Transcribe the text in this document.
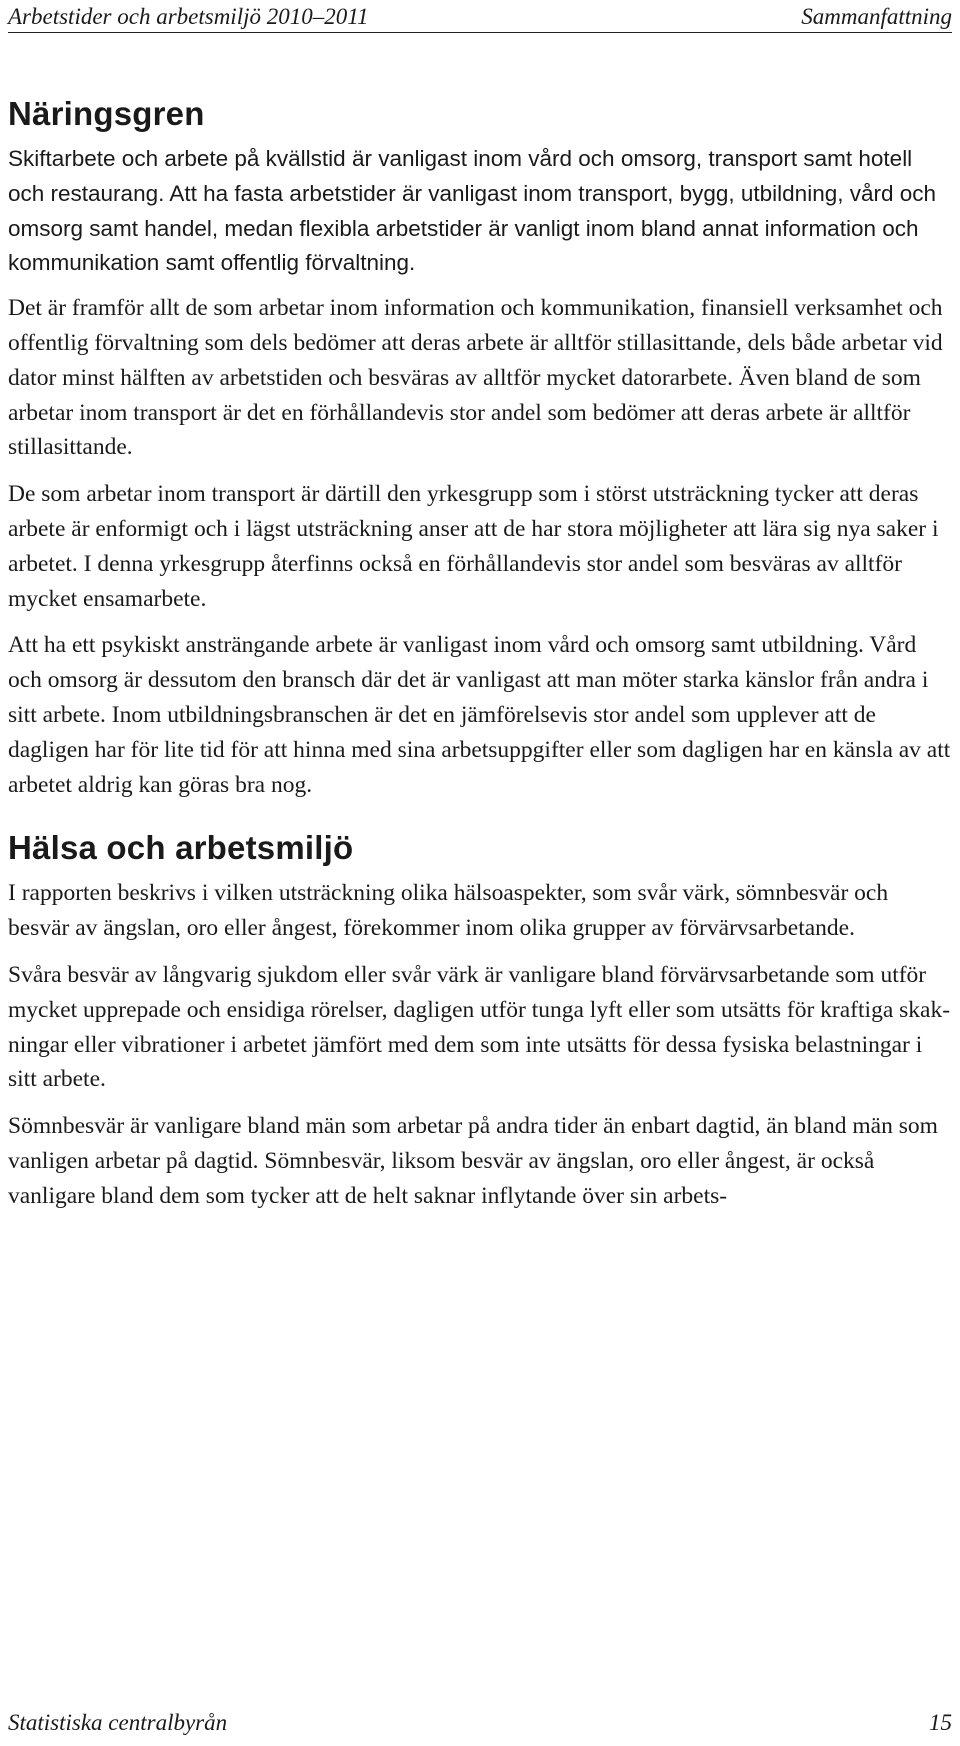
Arbetstider och arbetsmiljö 2010–2011	Sammanfattning
Näringsgren

Skiftarbete och arbete på kvällstid är vanligast inom vård och omsorg, transport samt hotell och restaurang. Att ha fasta arbetstider är vanligast inom transport, bygg, utbildning, vård och omsorg samt handel, medan flexibla arbetstider är vanligt inom bland annat information och kommunikation samt offentlig förvaltning.

Det är framför allt de som arbetar inom information och kommunikation, finansiell verksamhet och offentlig förvaltning som dels bedömer att deras arbete är alltför stillasittande, dels både arbetar vid dator minst hälften av arbetstiden och besväras av alltför mycket datorarbete. Även bland de som arbetar inom transport är det en förhållandevis stor andel som bedömer att deras arbete är alltför stillasittande.

De som arbetar inom transport är därtill den yrkesgrupp som i störst utsträckning tycker att deras arbete är enformigt och i lägst utsträckning anser att de har stora möjligheter att lära sig nya saker i arbetet. I denna yrkesgrupp återfinns också en förhållandevis stor andel som besväras av alltför mycket ensamarbete.

Att ha ett psykiskt ansträngande arbete är vanligast inom vård och omsorg samt utbildning. Vård och omsorg är dessutom den bransch där det är vanligast att man möter starka känslor från andra i sitt arbete. Inom utbildningsbranschen är det en jämförelsevis stor andel som upplever att de dagligen har för lite tid för att hinna med sina arbetsuppgifter eller som dagligen har en känsla av att arbetet aldrig kan göras bra nog.

Hälsa och arbetsmiljö

I rapporten beskrivs i vilken utsträckning olika hälsoaspekter, som svår värk, sömnbesvär och besvär av ängslan, oro eller ångest, förekommer inom olika grupper av förvärvsarbetande.

Svåra besvär av långvarig sjukdom eller svår värk är vanligare bland förvärvsarbetande som utför mycket upprepade och ensidiga rörelser, dagligen utför tunga lyft eller som utsätts för kraftiga skakningar eller vibrationer i arbetet jämfört med dem som inte utsätts för dessa fysiska belastningar i sitt arbete.

Sömnbesvär är vanligare bland män som arbetar på andra tider än enbart dagtid, än bland män som vanligen arbetar på dagtid. Sömnbesvär, liksom besvär av ängslan, oro eller ångest, är också vanligare bland dem som tycker att de helt saknar inflytande över sin arbets-

Statistiska centralbyrån	15
